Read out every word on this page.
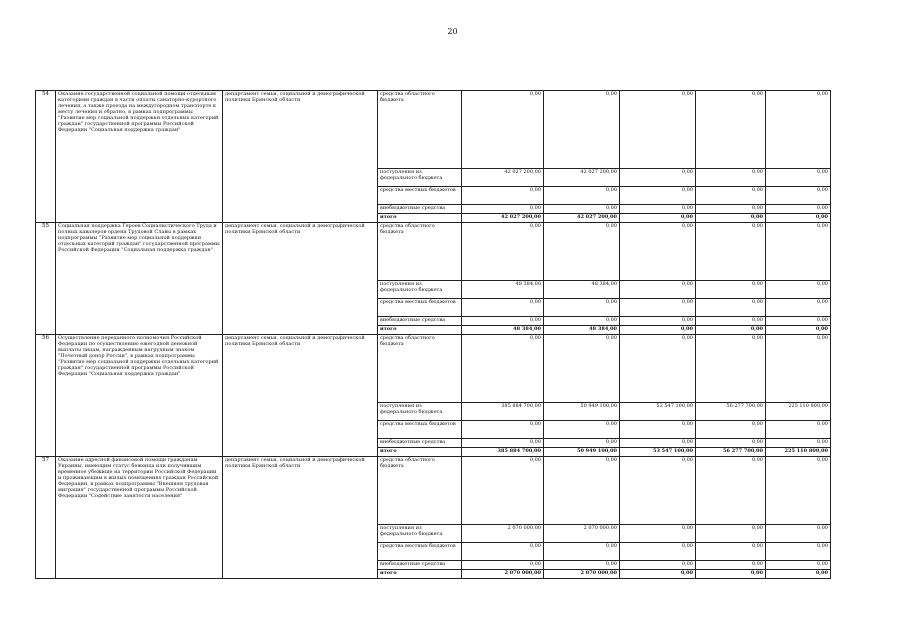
20
54	Оказание государственной социальной помощи отдельным категориям граждан в части оплаты санаторно-курортного лечения, а также проезда на междугородном транспорте к месту лечения и обратно, в рамках подпрограммы "Развитие мер социальной поддержки отдельных категорий граждан" государственной программы Российской Федерации "Социальная поддержка граждан"	департамент семьи, социальной и демографической политики Брянской области	средства областного бюджета	0,00	0,00	0,00	0,00	0,00
			поступления из федерального бюджета	42 027 200,00	42 027 200,00	0,00	0,00	0,00
			средства местных бюджетов	0,00	0,00	0,00	0,00	0,00
			внебюджетные средства	0,00	0,00	0,00	0,00	0,00
			итого	42 027 200,00	42 027 200,00	0,00	0,00	0,00
55	Социальная поддержка Героев Социалистического Труда и полных кавалеров ордена Трудовой Славы в рамках подпрограммы "Развитие мер социальной поддержки отдельных категорий граждан" государственной программы Российской Федерации "Социальная поддержка граждан"	департамент семьи, социальной и демографической политики Брянской области	средства областного бюджета	0,00	0,00	0,00	0,00	0,00
			поступления из федерального бюджета	48 384,00	48 384,00	0,00	0,00	0,00
			средства местных бюджетов	0,00	0,00	0,00	0,00	0,00
			внебюджетные средства	0,00	0,00	0,00	0,00	0,00
			итого	48 384,00	48 384,00	0,00	0,00	0,00
56	Осуществление переданного полномочия Российской Федерации по осуществлению ежегодной денежной выплаты лицам, награжденным нагрудным знаком "Почетный донор России", в рамках подпрограммы "Развитие мер социальной поддержки отдельных категорий граждан" государственной программы Российской Федерации "Социальная поддержка граждан"	департамент семьи, социальной и демографической политики Брянской области	средства областного бюджета	0,00	0,00	0,00	0,00	0,00
			поступления из федерального бюджета	385 884 700,00	50 949 100,00	53 547 100,00	56 277 700,00	225 110 800,00
			средства местных бюджетов	0,00	0,00	0,00	0,00	0,00
			внебюджетные средства	0,00	0,00	0,00	0,00	0,00
			итого	385 884 700,00	50 949 100,00	53 547 100,00	56 277 700,00	225 110 800,00
57	Оказание адресной финансовой помощи гражданам Украины, имеющим статус беженца или получившим временное убежище на территории Российской Федерации и проживающим в жилых помещениях граждан Российской Федерации, в рамках подпрограммы "Внешняя трудовая миграция" государственной программы Российской Федерации "Содействие занятости населения"	департамент семьи, социальной и демографической политики Брянской области	средства областного бюджета	0,00	0,00	0,00	0,00	0,00
			поступления из федерального бюджета	2 070 000,00	2 070 000,00	0,00	0,00	0,00
			средства местных бюджетов	0,00	0,00	0,00	0,00	0,00
			внебюджетные средства	0,00	0,00	0,00	0,00	0,00
			итого	2 070 000,00	2 070 000,00	0,00	0,00	0,00
